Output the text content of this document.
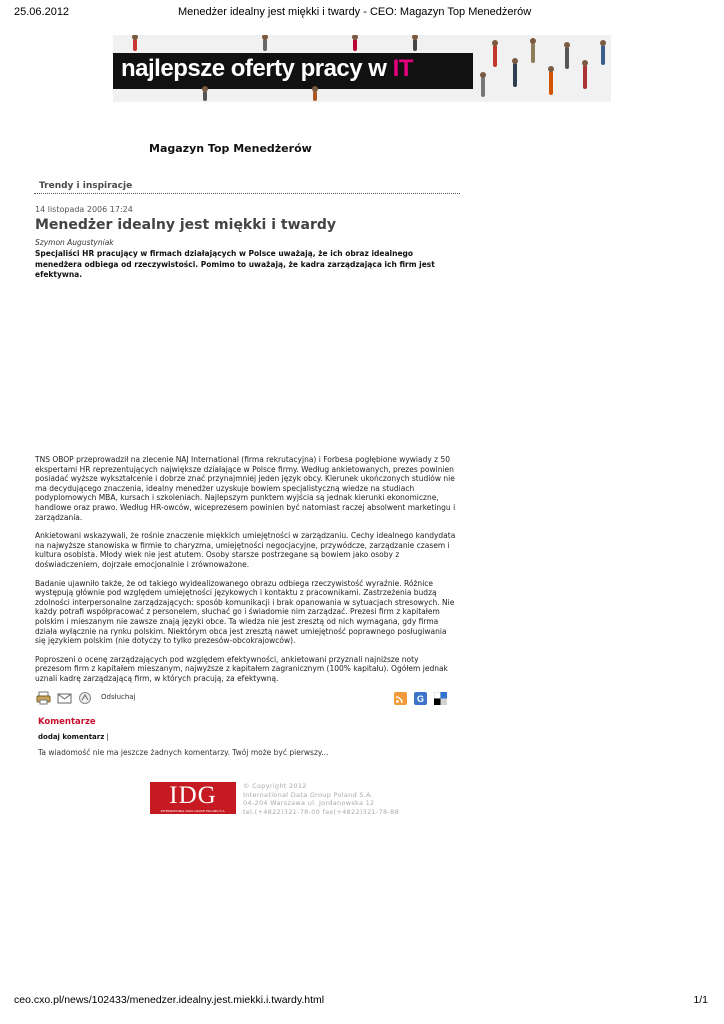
25.06.2012	Menedżer idealny jest miękki i twardy - CEO: Magazyn Top Menedżerów
najlepsze oferty pracy w IT
Magazyn Top Menedżerów
Trendy i inspiracje
14 listopada 2006 17:24
Menedżer idealny jest miękki i twardy
Szymon Augustyniak
Specjaliści HR pracujący w firmach działających w Polsce uważają, że ich obraz idealnego menedżera odbiega od rzeczywistości. Pomimo to uważają, że kadra zarządzająca ich firm jest efektywna.

TNS OBOP przeprowadził na zlecenie NAJ International (firma rekrutacyjna) i Forbesa pogłębione wywiady z 50 ekspertami HR reprezentujących największe działające w Polsce firmy. Według ankietowanych, prezes powinien posiadać wyższe wykształcenie i dobrze znać przynajmniej jeden język obcy. Kierunek ukończonych studiów nie ma decydującego znaczenia, idealny menedżer uzyskuje bowiem specjalistyczną wiedze na studiach podyplomowych MBA, kursach i szkoleniach. Najlepszym punktem wyjścia są jednak kierunki ekonomiczne, handlowe oraz prawo. Według HR-owców, wiceprezesem powinien być natomiast raczej absolwent marketingu i zarządzania.

Ankietowani wskazywali, że rośnie znaczenie miękkich umiejętności w zarządzaniu. Cechy idealnego kandydata na najwyższe stanowiska w firmie to charyzma, umiejętności negocjacyjne, przywódcze, zarządzanie czasem i kultura osobista. Młody wiek nie jest atutem. Osoby starsze postrzegane są bowiem jako osoby z doświadczeniem, dojrzałe emocjonalnie i zrównoważone.

Badanie ujawniło także, że od takiego wyidealizowanego obrazu odbiega rzeczywistość wyraźnie. Różnice występują głównie pod względem umiejętności językowych i kontaktu z pracownikami. Zastrzeżenia budzą zdolności interpersonalne zarządzających: sposób komunikacji i brak opanowania w sytuacjach stresowych. Nie każdy potrafi współpracować z personelem, słuchać go i świadomie nim zarządzać. Prezesi firm z kapitałem polskim i mieszanym nie zawsze znają języki obce. Ta wiedza nie jest zresztą od nich wymagana, gdy firma działa wyłącznie na rynku polskim. Niektórym obca jest zresztą nawet umiejętność poprawnego posługiwania się językiem polskim (nie dotyczy to tylko prezesów-obcokrajowców).

Poproszeni o ocenę zarządzających pod względem efektywności, ankietowani przyznali najniższe noty prezesom firm z kapitałem mieszanym, najwyższe z kapitałem zagranicznym (100% kapitału). Ogółem jednak uznali kadrę zarządzającą firm, w których pracują, za efektywną.

Odsłuchaj	G
Komentarze
dodaj komentarz |
Ta wiadomość nie ma jeszcze żadnych komentarzy. Twój może być pierwszy...
IDG
INTERNATIONAL DATA GROUP POLAND S.A.
© Copyright 2012
International Data Group Poland S.A.
04-204 Warszawa ul. Jordanowska 12
tel.(+4822)321-78-00 fax(+4822)321-78-88
ceo.cxo.pl/news/102433/menedzer.idealny.jest.miekki.i.twardy.html	1/1
